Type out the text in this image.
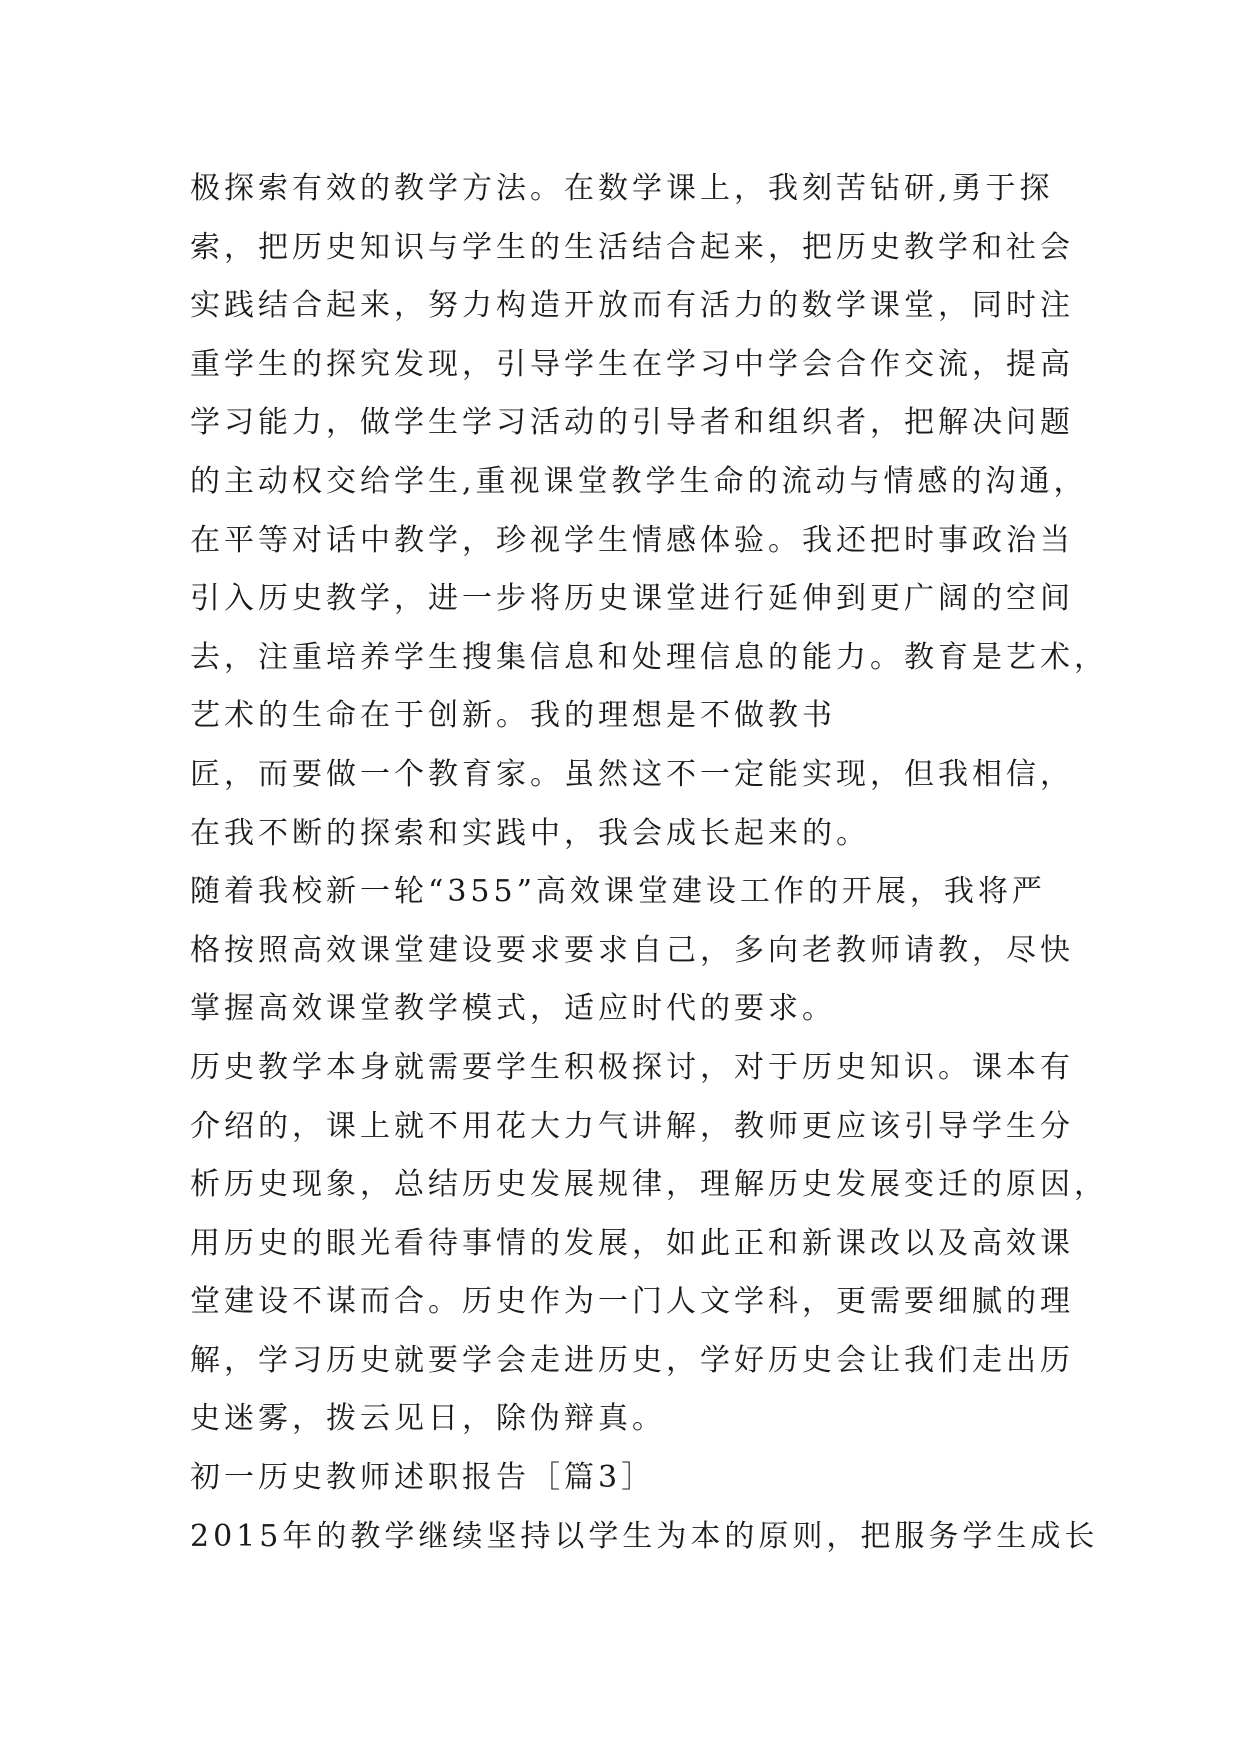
极探索有效的教学方法。在数学课上，我刻苦钻研,勇于探
索，把历史知识与学生的生活结合起来，把历史教学和社会
实践结合起来，努力构造开放而有活力的数学课堂，同时注
重学生的探究发现，引导学生在学习中学会合作交流，提高
学习能力，做学生学习活动的引导者和组织者，把解决问题
的主动权交给学生,重视课堂教学生命的流动与情感的沟通，
在平等对话中教学，珍视学生情感体验。我还把时事政治当
引入历史教学，进一步将历史课堂进行延伸到更广阔的空间
去，注重培养学生搜集信息和处理信息的能力。教育是艺术，
艺术的生命在于创新。我的理想是不做教书
匠，而要做一个教育家。虽然这不一定能实现，但我相信，
在我不断的探索和实践中，我会成长起来的。
随着我校新一轮“355”高效课堂建设工作的开展，我将严
格按照高效课堂建设要求要求自己，多向老教师请教，尽快
掌握高效课堂教学模式，适应时代的要求。
历史教学本身就需要学生积极探讨，对于历史知识。课本有
介绍的，课上就不用花大力气讲解，教师更应该引导学生分
析历史现象，总结历史发展规律，理解历史发展变迁的原因，
用历史的眼光看待事情的发展，如此正和新课改以及高效课
堂建设不谋而合。历史作为一门人文学科，更需要细腻的理
解，学习历史就要学会走进历史，学好历史会让我们走出历
史迷雾，拨云见日，除伪辩真。
初一历史教师述职报告［篇3］
2015年的教学继续坚持以学生为本的原则，把服务学生成长
